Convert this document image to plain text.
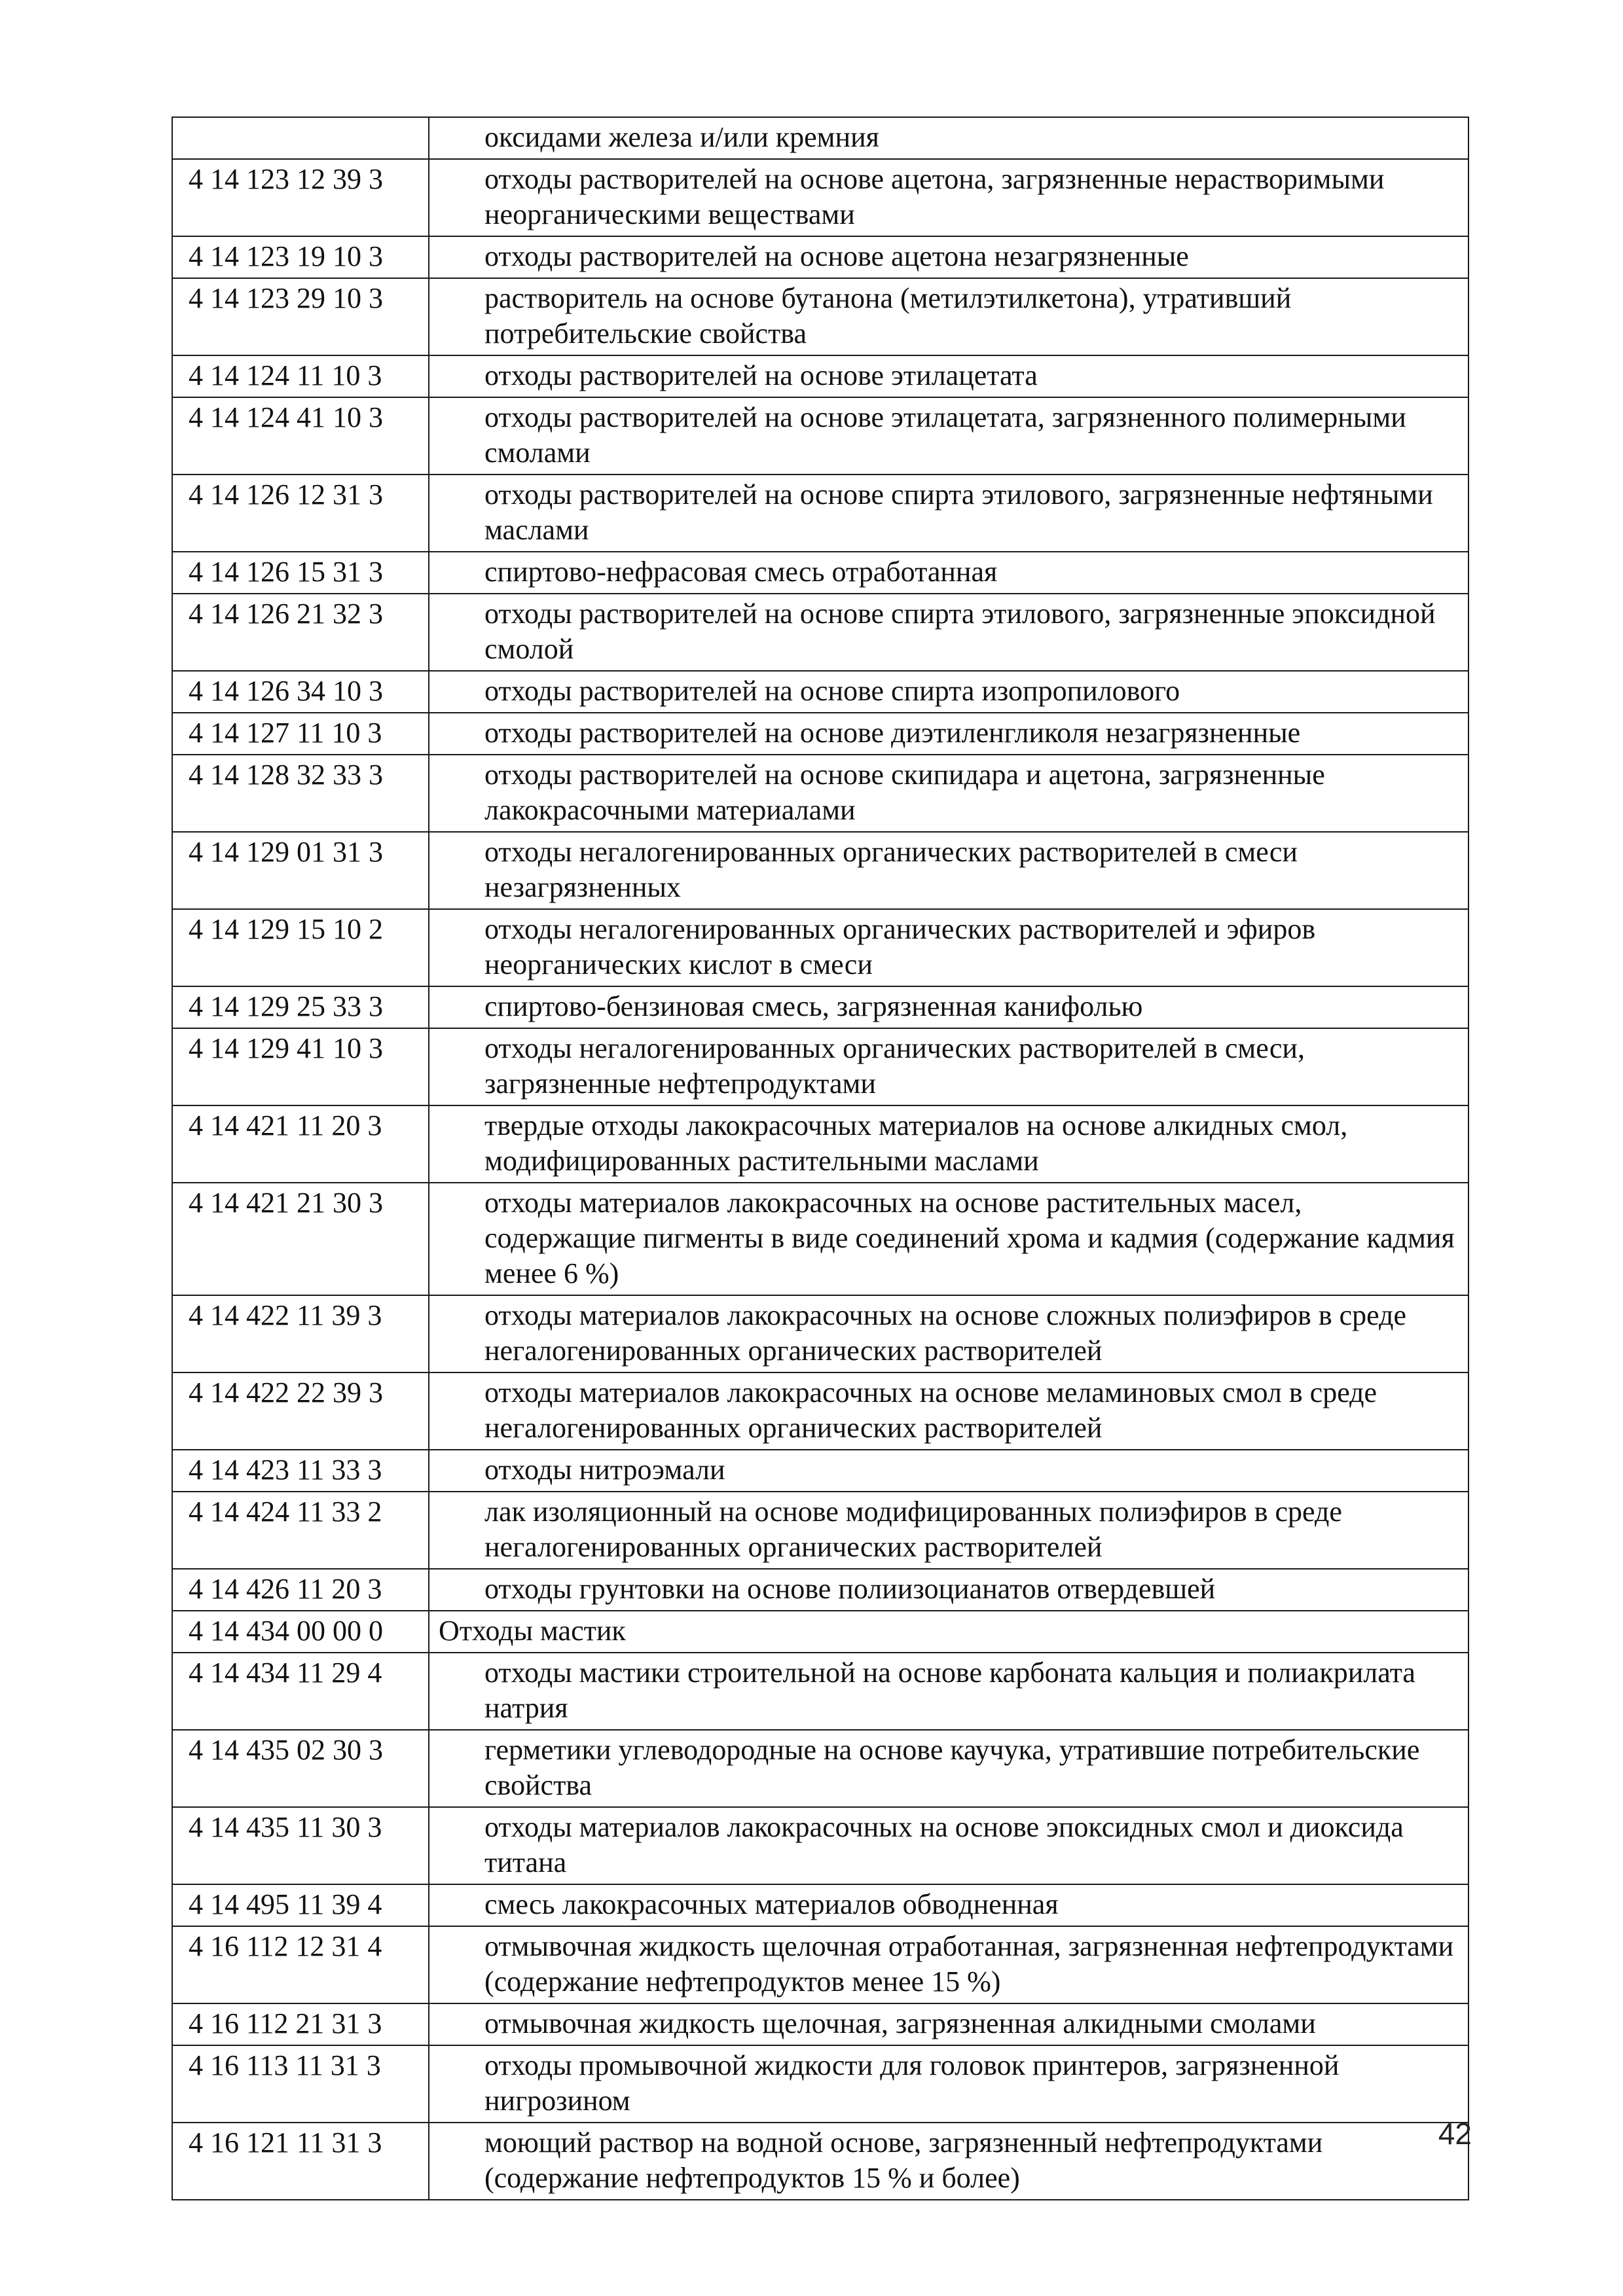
	оксидами железа и/или кремния
4 14 123 12 39 3	отходы растворителей на основе ацетона, загрязненные нерастворимыми неорганическими веществами
4 14 123 19 10 3	отходы растворителей на основе ацетона незагрязненные
4 14 123 29 10 3	растворитель на основе бутанона (метилэтилкетона), утративший потребительские свойства
4 14 124 11 10 3	отходы растворителей на основе этилацетата
4 14 124 41 10 3	отходы растворителей на основе этилацетата, загрязненного полимерными смолами
4 14 126 12 31 3	отходы растворителей на основе спирта этилового, загрязненные нефтяными маслами
4 14 126 15 31 3	спиртово-нефрасовая смесь отработанная
4 14 126 21 32 3	отходы растворителей на основе спирта этилового, загрязненные эпоксидной смолой
4 14 126 34 10 3	отходы растворителей на основе спирта изопропилового
4 14 127 11 10 3	отходы растворителей на основе диэтиленгликоля незагрязненные
4 14 128 32 33 3	отходы растворителей на основе скипидара и ацетона, загрязненные лакокрасочными материалами
4 14 129 01 31 3	отходы негалогенированных органических растворителей в смеси незагрязненных
4 14 129 15 10 2	отходы негалогенированных органических растворителей и эфиров неорганических кислот в смеси
4 14 129 25 33 3	спиртово-бензиновая смесь, загрязненная канифолью
4 14 129 41 10 3	отходы негалогенированных органических растворителей в смеси, загрязненные нефтепродуктами
4 14 421 11 20 3	твердые отходы лакокрасочных материалов на основе алкидных смол, модифицированных растительными маслами
4 14 421 21 30 3	отходы материалов лакокрасочных на основе растительных масел, содержащие пигменты в виде соединений хрома и кадмия (содержание кадмия менее 6 %)
4 14 422 11 39 3	отходы материалов лакокрасочных на основе сложных полиэфиров в среде негалогенированных органических растворителей
4 14 422 22 39 3	отходы материалов лакокрасочных на основе меламиновых смол в среде негалогенированных органических растворителей
4 14 423 11 33 3	отходы нитроэмали
4 14 424 11 33 2	лак изоляционный на основе модифицированных полиэфиров в среде негалогенированных органических растворителей
4 14 426 11 20 3	отходы грунтовки на основе полиизоцианатов отвердевшей
4 14 434 00 00 0	Отходы мастик
4 14 434 11 29 4	отходы мастики строительной на основе карбоната кальция и полиакрилата натрия
4 14 435 02 30 3	герметики углеводородные на основе каучука, утратившие потребительские свойства
4 14 435 11 30 3	отходы материалов лакокрасочных на основе эпоксидных смол и диоксида титана
4 14 495 11 39 4	смесь лакокрасочных материалов обводненная
4 16 112 12 31 4	отмывочная жидкость щелочная отработанная, загрязненная нефтепродуктами (содержание нефтепродуктов менее 15 %)
4 16 112 21 31 3	отмывочная жидкость щелочная, загрязненная алкидными смолами
4 16 113 11 31 3	отходы промывочной жидкости для головок принтеров, загрязненной нигрозином
4 16 121 11 31 3	моющий раствор на водной основе, загрязненный нефтепродуктами (содержание нефтепродуктов 15 % и более)
42
